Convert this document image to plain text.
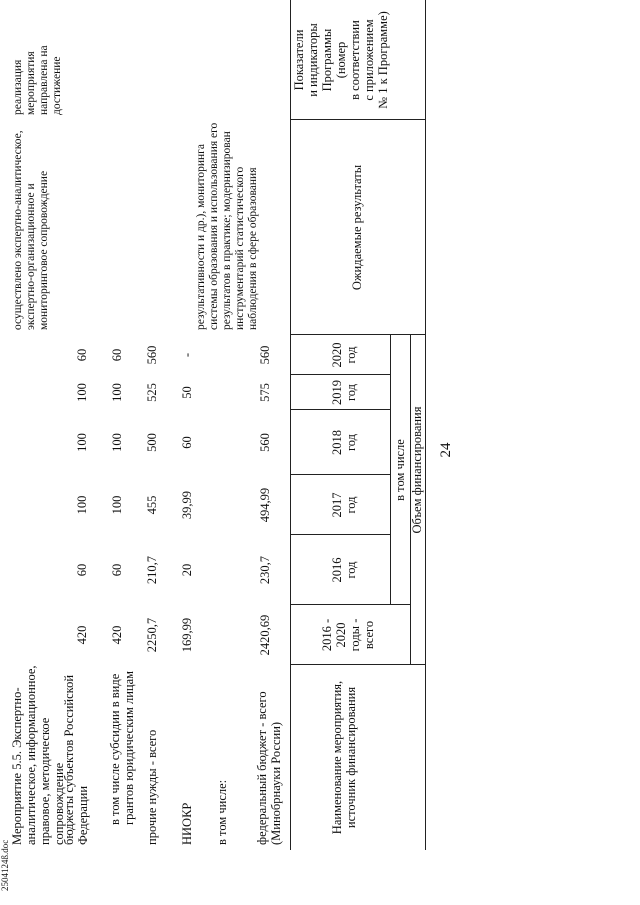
24
Наименование мероприятия, источник финансирования
Объем финансирования
в том числе
2016 -
2020
годы -
всего
2016
год
2017
год
2018
год
2019
год
2020
год
Ожидаемые результаты
Показатели
и индикаторы
Программы
(номер
в соответствии
с приложением
№ 1 к Программе)
федеральный бюджет - всего (Минобрнауки России)
в том числе:
НИОКР
прочие нужды - всего
в том числе субсидии в виде грантов юридическим лицам
бюджеты субъектов Российской Федерации
Мероприятие 5.5. Экспертно-аналитическое, информационное, правовое, методическое сопровождение
2420,69
230,7
494,99
560
575
560
169,99
20
39,99
60
50
-
2250,7
210,7
455
500
525
560
420
60
100
100
100
60
420
60
100
100
100
60
результативности и др.), мониторинга системы образования и использования его результатов в практике; модернизирован инструментарий статистического наблюдения в сфере образования
осуществлено экспертно-аналитическое, экспертно-организационное и мониторинговое сопровождение
реализация мероприятия направлена на достижение
2504124ß.doc
